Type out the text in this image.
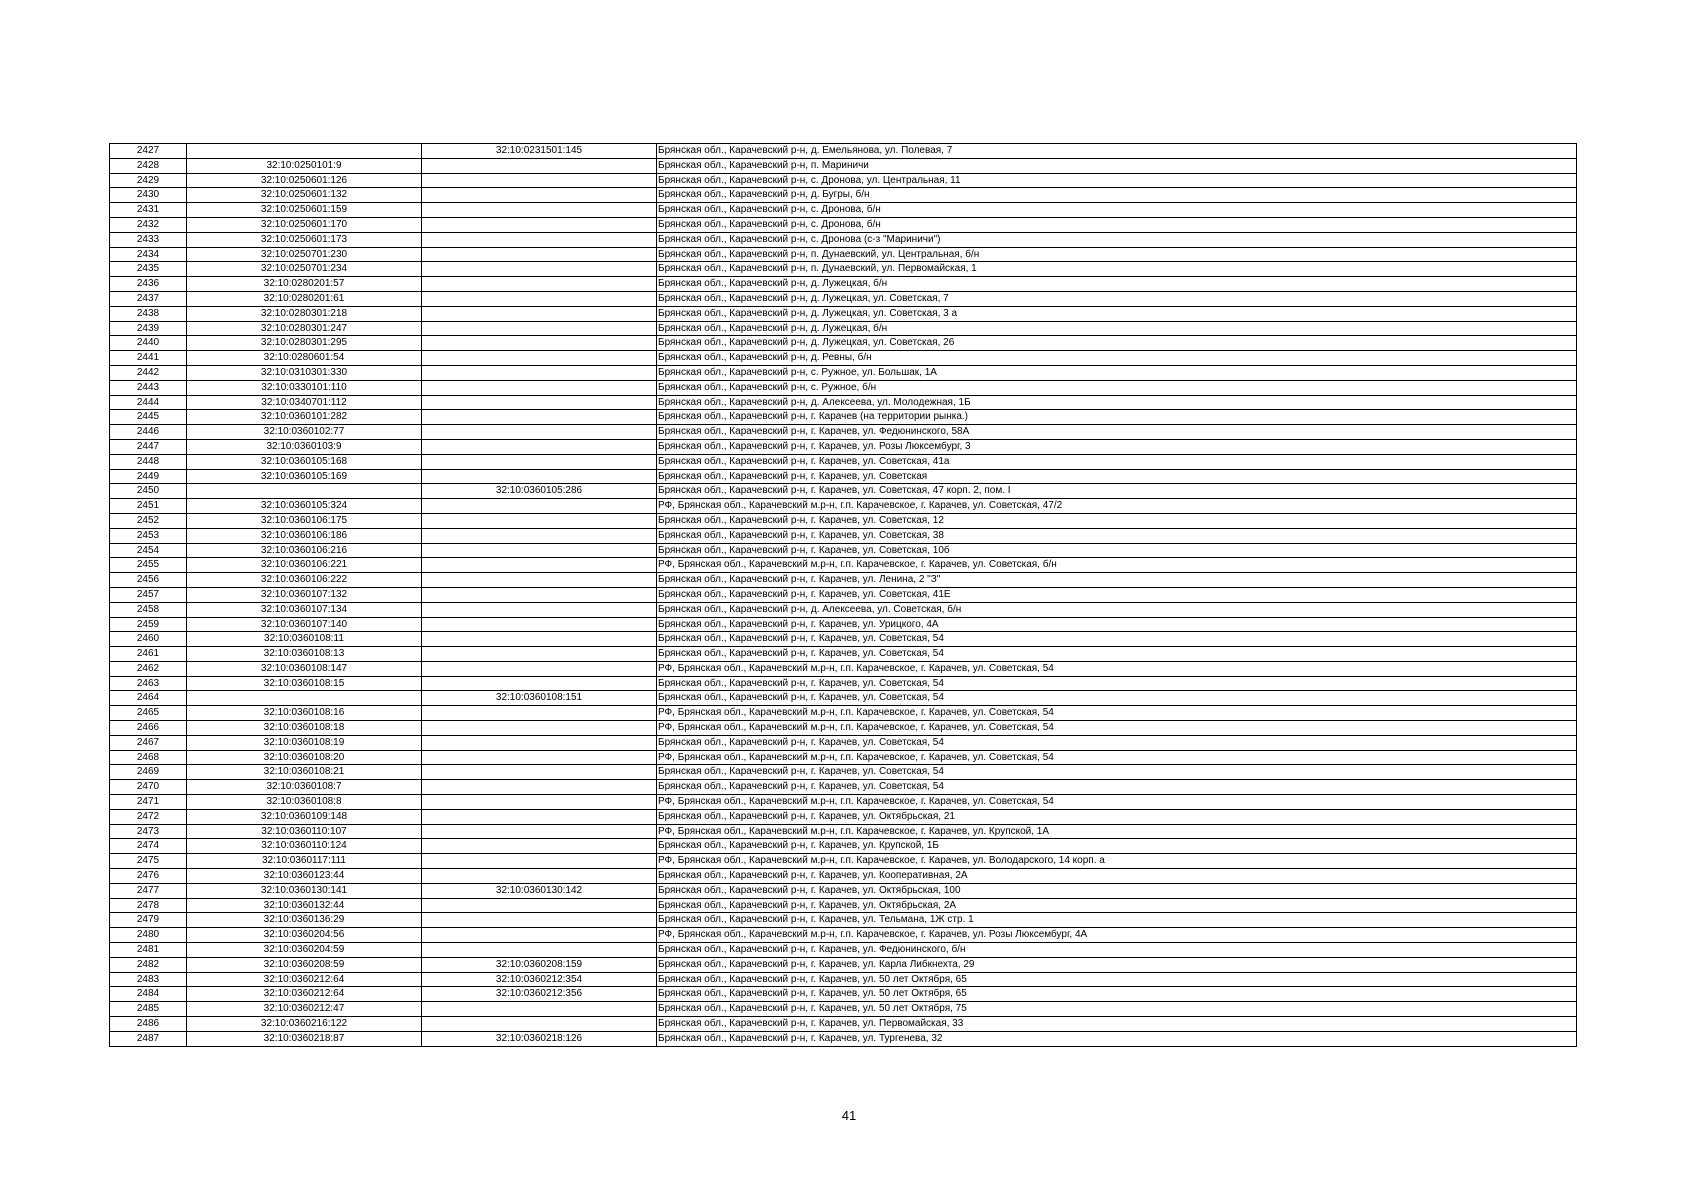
2427		32:10:0231501:145	Брянская обл., Карачевский р-н, д. Емельянова, ул. Полевая, 7
2428	32:10:0250101:9		Брянская обл., Карачевский р-н, п. Мариничи
2429	32:10:0250601:126		Брянская обл., Карачевский р-н, с. Дронова, ул. Центральная, 11
2430	32:10:0250601:132		Брянская обл., Карачевский р-н, д. Бугры, б/н
2431	32:10:0250601:159		Брянская обл., Карачевский р-н, с. Дронова, б/н
2432	32:10:0250601:170		Брянская обл., Карачевский р-н, с. Дронова, б/н
2433	32:10:0250601:173		Брянская обл., Карачевский р-н, с. Дронова (с-з "Мариничи")
2434	32:10:0250701:230		Брянская обл., Карачевский р-н, п. Дунаевский, ул. Центральная, б/н
2435	32:10:0250701:234		Брянская обл., Карачевский р-н, п. Дунаевский, ул. Первомайская, 1
2436	32:10:0280201:57		Брянская обл., Карачевский р-н, д. Лужецкая, б/н
2437	32:10:0280201:61		Брянская обл., Карачевский р-н, д. Лужецкая, ул. Советская, 7
2438	32:10:0280301:218		Брянская обл., Карачевский р-н, д. Лужецкая, ул. Советская, 3 а
2439	32:10:0280301:247		Брянская обл., Карачевский р-н, д. Лужецкая, б/н
2440	32:10:0280301:295		Брянская обл., Карачевский р-н, д. Лужецкая, ул. Советская, 26
2441	32:10:0280601:54		Брянская обл., Карачевский р-н, д. Ревны, б/н
2442	32:10:0310301:330		Брянская обл., Карачевский р-н, с. Ружное, ул. Большак, 1А
2443	32:10:0330101:110		Брянская обл., Карачевский р-н, с. Ружное, б/н
2444	32:10:0340701:112		Брянская обл., Карачевский р-н, д. Алексеева, ул. Молодежная, 1Б
2445	32:10:0360101:282		Брянская обл., Карачевский р-н, г. Карачев (на территории рынка.)
2446	32:10:0360102:77		Брянская обл., Карачевский р-н, г. Карачев, ул. Федюнинского, 58А
2447	32:10:0360103:9		Брянская обл., Карачевский р-н, г. Карачев, ул. Розы Люксембург, 3
2448	32:10:0360105:168		Брянская обл., Карачевский р-н, г. Карачев, ул. Советская, 41а
2449	32:10:0360105:169		Брянская обл., Карачевский р-н, г. Карачев, ул. Советская
2450		32:10:0360105:286	Брянская обл., Карачевский р-н, г. Карачев, ул. Советская, 47 корп. 2, пом. I
2451	32:10:0360105:324		РФ, Брянская обл., Карачевский м.р-н, г.п. Карачевское, г. Карачев, ул. Советская, 47/2
2452	32:10:0360106:175		Брянская обл., Карачевский р-н, г. Карачев, ул. Советская, 12
2453	32:10:0360106:186		Брянская обл., Карачевский р-н, г. Карачев, ул. Советская, 38
2454	32:10:0360106:216		Брянская обл., Карачевский р-н, г. Карачев, ул. Советская, 10б
2455	32:10:0360106:221		РФ, Брянская обл., Карачевский м.р-н, г.п. Карачевское, г. Карачев, ул. Советская, б/н
2456	32:10:0360106:222		Брянская обл., Карачевский р-н, г. Карачев, ул. Ленина, 2 "З"
2457	32:10:0360107:132		Брянская обл., Карачевский р-н, г. Карачев, ул. Советская, 41Е
2458	32:10:0360107:134		Брянская обл., Карачевский р-н, д. Алексеева, ул. Советская, б/н
2459	32:10:0360107:140		Брянская обл., Карачевский р-н, г. Карачев, ул. Урицкого, 4А
2460	32:10:0360108:11		Брянская обл., Карачевский р-н, г. Карачев, ул. Советская, 54
2461	32:10:0360108:13		Брянская обл., Карачевский р-н, г. Карачев, ул. Советская, 54
2462	32:10:0360108:147		РФ, Брянская обл., Карачевский м.р-н, г.п. Карачевское, г. Карачев, ул. Советская, 54
2463	32:10:0360108:15		Брянская обл., Карачевский р-н, г. Карачев, ул. Советская, 54
2464		32:10:0360108:151	Брянская обл., Карачевский р-н, г. Карачев, ул. Советская, 54
2465	32:10:0360108:16		РФ, Брянская обл., Карачевский м.р-н, г.п. Карачевское, г. Карачев, ул. Советская, 54
2466	32:10:0360108:18		РФ, Брянская обл., Карачевский м.р-н, г.п. Карачевское, г. Карачев, ул. Советская, 54
2467	32:10:0360108:19		Брянская обл., Карачевский р-н, г. Карачев, ул. Советская, 54
2468	32:10:0360108:20		РФ, Брянская обл., Карачевский м.р-н, г.п. Карачевское, г. Карачев, ул. Советская, 54
2469	32:10:0360108:21		Брянская обл., Карачевский р-н, г. Карачев, ул. Советская, 54
2470	32:10:0360108:7		Брянская обл., Карачевский р-н, г. Карачев, ул. Советская, 54
2471	32:10:0360108:8		РФ, Брянская обл., Карачевский м.р-н, г.п. Карачевское, г. Карачев, ул. Советская, 54
2472	32:10:0360109:148		Брянская обл., Карачевский р-н, г. Карачев, ул. Октябрьская, 21
2473	32:10:0360110:107		РФ, Брянская обл., Карачевский м.р-н, г.п. Карачевское, г. Карачев, ул. Крупской, 1А
2474	32:10:0360110:124		Брянская обл., Карачевский р-н, г. Карачев, ул. Крупской, 1Б
2475	32:10:0360117:111		РФ, Брянская обл., Карачевский м.р-н, г.п. Карачевское, г. Карачев, ул. Володарского, 14 корп. а
2476	32:10:0360123:44		Брянская обл., Карачевский р-н, г. Карачев, ул. Кооперативная, 2А
2477	32:10:0360130:141	32:10:0360130:142	Брянская обл., Карачевский р-н, г. Карачев, ул. Октябрьская, 100
2478	32:10:0360132:44		Брянская обл., Карачевский р-н, г. Карачев, ул. Октябрьская, 2А
2479	32:10:0360136:29		Брянская обл., Карачевский р-н, г. Карачев, ул. Тельмана, 1Ж стр. 1
2480	32:10:0360204:56		РФ, Брянская обл., Карачевский м.р-н, г.п. Карачевское, г. Карачев, ул. Розы Люксембург, 4А
2481	32:10:0360204:59		Брянская обл., Карачевский р-н, г. Карачев, ул. Федюнинского, б/н
2482	32:10:0360208:59	32:10:0360208:159	Брянская обл., Карачевский р-н, г. Карачев, ул. Карла Либкнехта, 29
2483	32:10:0360212:64	32:10:0360212:354	Брянская обл., Карачевский р-н, г. Карачев, ул. 50 лет Октября, 65
2484	32:10:0360212:64	32:10:0360212:356	Брянская обл., Карачевский р-н, г. Карачев, ул. 50 лет Октября, 65
2485	32:10:0360212:47		Брянская обл., Карачевский р-н, г. Карачев, ул. 50 лет Октября, 75
2486	32:10:0360216:122		Брянская обл., Карачевский р-н, г. Карачев, ул. Первомайская, 33
2487	32:10:0360218:87	32:10:0360218:126	Брянская обл., Карачевский р-н, г. Карачев, ул. Тургенева, 32
41
